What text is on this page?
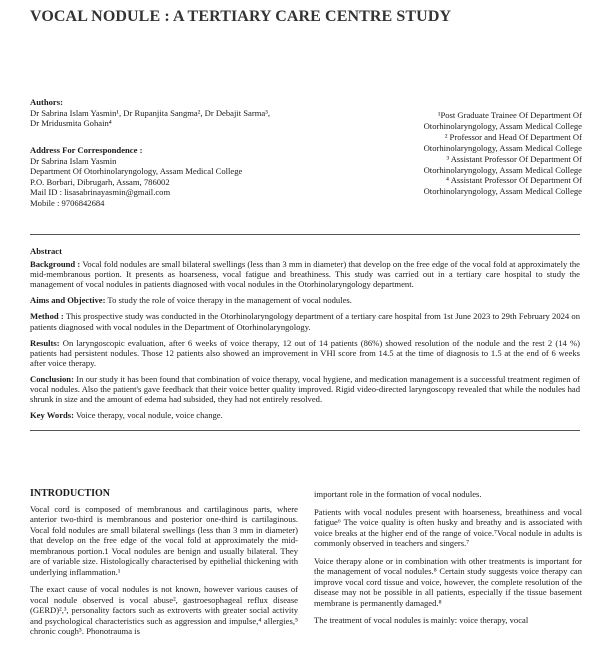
VOCAL NODULE : A TERTIARY CARE CENTRE STUDY
Authors:
Dr Sabrina Islam Yasmin¹, Dr Rupanjita Sangma², Dr Debajit Sarma³,
Dr Mridusmita Gohain⁴
Address For Correspondence :
Dr Sabrina Islam Yasmin
Department Of Otorhinolaryngology, Assam Medical College
P.O. Borbari, Dibrugarh, Assam, 786002
Mail ID : lisasabrinayasmin@gmail.com
Mobile : 9706842684
¹Post Graduate Trainee Of Department Of
Otorhinolaryngology, Assam Medical College
² Professor and Head Of Department Of
Otorhinolaryngology, Assam Medical College
³ Assistant Professor Of Department Of
Otorhinolaryngology, Assam Medical College
⁴ Assistant Professor Of Department Of
Otorhinolaryngology, Assam Medical College

Abstract

Background : Vocal fold nodules are small bilateral swellings (less than 3 mm in diameter) that develop on the free edge of the vocal fold at approximately the mid-membranous portion. It presents as hoarseness, vocal fatigue and breathiness. This study was carried out in a tertiary care hospital to study the management of vocal nodules in patients diagnosed with vocal nodules in the Otorhinolaryngology department.

Aims and Objective: To study the role of voice therapy in the management of vocal nodules.

Method : This prospective study was conducted in the Otorhinolaryngology department of a tertiary care hospital from 1st June 2023 to 29th February 2024 on patients diagnosed with vocal nodules in the Department of Otorhinolaryngology.

Results: On laryngoscopic evaluation, after 6 weeks of voice therapy, 12 out of 14 patients (86%) showed resolution of the nodule and the rest 2 (14 %) patients had persistent nodules. Those 12 patients also showed an improvement in VHI score from 14.5 at the time of diagnosis to 1.5 at the end of 6 weeks after voice therapy.

Conclusion: In our study it has been found that combination of voice therapy, vocal hygiene, and medication management is a successful treatment regimen of vocal nodules. Also the patient's gave feedback that their voice better quality improved. Rigid video-directed laryngoscopy revealed that while the nodules had shrunk in size and the amount of edema had subsided, they had not entirely resolved.

Key Words: Voice therapy, vocal nodule, voice change.

INTRODUCTION

Vocal cord is composed of membranous and cartilaginous parts, where anterior two-third is membranous and posterior one-third is cartilaginous. Vocal fold nodules are small bilateral swellings (less than 3 mm in diameter) that develop on the free edge of the vocal fold at approximately the mid-membranous portion.1 Vocal nodules are benign and usually bilateral. They are of variable size. Histologically characterised by epithelial thickening with underlying inflammation.¹

The exact cause of vocal nodules is not known, however various causes of vocal nodule observed is vocal abuse², gastroesophageal reflux disease (GERD)²,³, personality factors such as extroverts with greater social activity and psychological characteristics such as aggression and impulse,⁴ allergies,⁵ chronic cough⁵. Phonotrauma is

important role in the formation of vocal nodules.

Patients with vocal nodules present with hoarseness, breathiness and vocal fatigue⁶ The voice quality is often husky and breathy and is associated with voice breaks at the higher end of the range of voice.⁷Vocal nodule in adults is commonly observed in teachers and singers.⁷

Voice therapy alone or in combination with other treatments is important for the management of vocal nodules.⁸ Certain study suggests voice therapy can improve vocal cord tissue and voice, however, the complete resolution of the disease may not be possible in all patients, especially if the tissue basement membrane is permanently damaged.⁸

The treatment of vocal nodules is mainly: voice therapy, vocal
